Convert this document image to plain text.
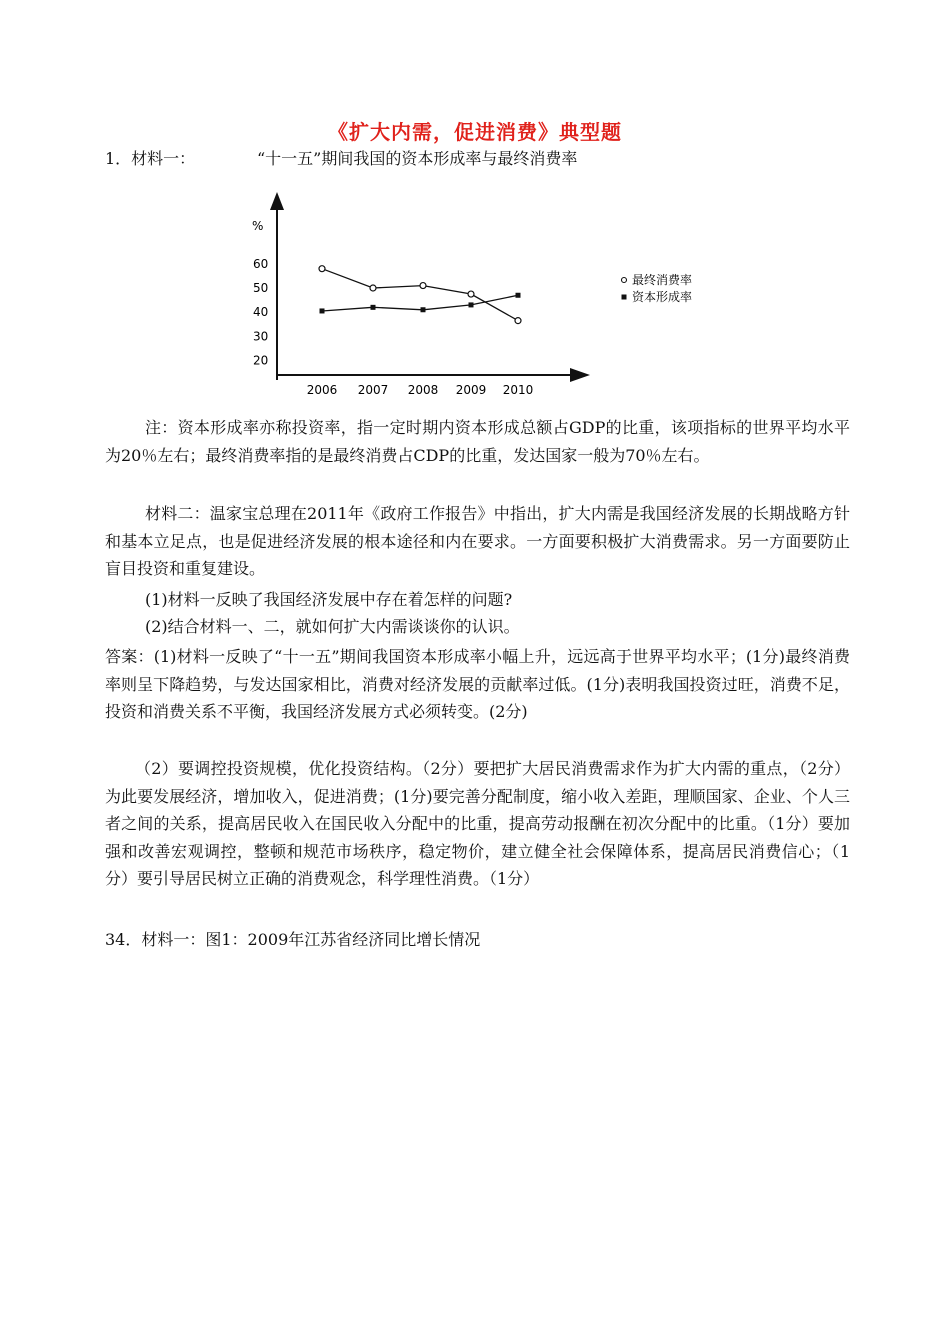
《扩大内需，促进消费》典型题
1．材料一：	“十一五”期间我国的资本形成率与最终消费率
%
20
30
40
50
60
2006 2007 2008 2009 2010
最终消费率
资本形成率
注：资本形成率亦称投资率，指一定时期内资本形成总额占GDP的比重，该项指标的世界平均水平为20％左右；最终消费率指的是最终消费占CDP的比重，发达国家一般为70％左右。
材料二：温家宝总理在2011年《政府工作报告》中指出，扩大内需是我国经济发展的长期战略方针和基本立足点，也是促进经济发展的根本途径和内在要求。一方面要积极扩大消费需求。另一方面要防止盲目投资和重复建设。
(1)材料一反映了我国经济发展中存在着怎样的问题?
(2)结合材料一、二，就如何扩大内需谈谈你的认识。
答案：(1)材料一反映了“十一五”期间我国资本形成率小幅上升，远远高于世界平均水平；(1分)最终消费率则呈下降趋势，与发达国家相比，消费对经济发展的贡献率过低。(1分)表明我国投资过旺，消费不足，投资和消费关系不平衡，我国经济发展方式必须转变。(2分)
（2）要调控投资规模，优化投资结构。（2分）要把扩大居民消费需求作为扩大内需的重点，（2分）为此要发展经济，增加收入，促进消费；(1分)要完善分配制度，缩小收入差距，理顺国家、企业、个人三者之间的关系，提高居民收入在国民收入分配中的比重，提高劳动报酬在初次分配中的比重。（1分）要加强和改善宏观调控，整顿和规范市场秩序，稳定物价，建立健全社会保障体系，提高居民消费信心；（1分）要引导居民树立正确的消费观念，科学理性消费。（1分）
34．材料一：图1：2009年江苏省经济同比增长情况
